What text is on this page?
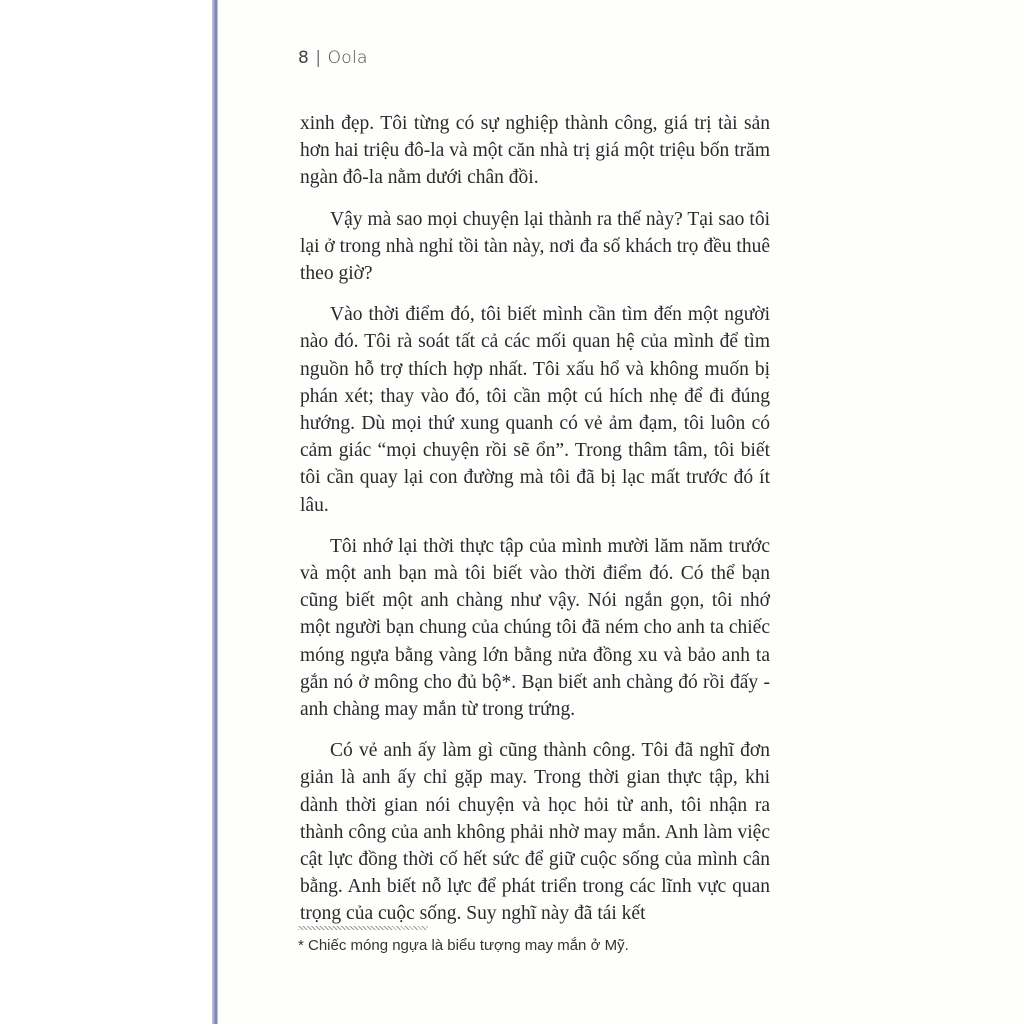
8 | Oola

xinh đẹp. Tôi từng có sự nghiệp thành công, giá trị tài sản hơn hai triệu đô-la và một căn nhà trị giá một triệu bốn trăm ngàn đô-la nằm dưới chân đồi.

Vậy mà sao mọi chuyện lại thành ra thế này? Tại sao tôi lại ở trong nhà nghỉ tồi tàn này, nơi đa số khách trọ đều thuê theo giờ?

Vào thời điểm đó, tôi biết mình cần tìm đến một người nào đó. Tôi rà soát tất cả các mối quan hệ của mình để tìm nguồn hỗ trợ thích hợp nhất. Tôi xấu hổ và không muốn bị phán xét; thay vào đó, tôi cần một cú hích nhẹ để đi đúng hướng. Dù mọi thứ xung quanh có vẻ ảm đạm, tôi luôn có cảm giác “mọi chuyện rồi sẽ ổn”. Trong thâm tâm, tôi biết tôi cần quay lại con đường mà tôi đã bị lạc mất trước đó ít lâu.

Tôi nhớ lại thời thực tập của mình mười lăm năm trước và một anh bạn mà tôi biết vào thời điểm đó. Có thể bạn cũng biết một anh chàng như vậy. Nói ngắn gọn, tôi nhớ một người bạn chung của chúng tôi đã ném cho anh ta chiếc móng ngựa bằng vàng lớn bằng nửa đồng xu và bảo anh ta gắn nó ở mông cho đủ bộ*. Bạn biết anh chàng đó rồi đấy - anh chàng may mắn từ trong trứng.

Có vẻ anh ấy làm gì cũng thành công. Tôi đã nghĩ đơn giản là anh ấy chỉ gặp may. Trong thời gian thực tập, khi dành thời gian nói chuyện và học hỏi từ anh, tôi nhận ra thành công của anh không phải nhờ may mắn. Anh làm việc cật lực đồng thời cố hết sức để giữ cuộc sống của mình cân bằng. Anh biết nỗ lực để phát triển trong các lĩnh vực quan trọng của cuộc sống. Suy nghĩ này đã tái kết

* Chiếc móng ngựa là biểu tượng may mắn ở Mỹ.
